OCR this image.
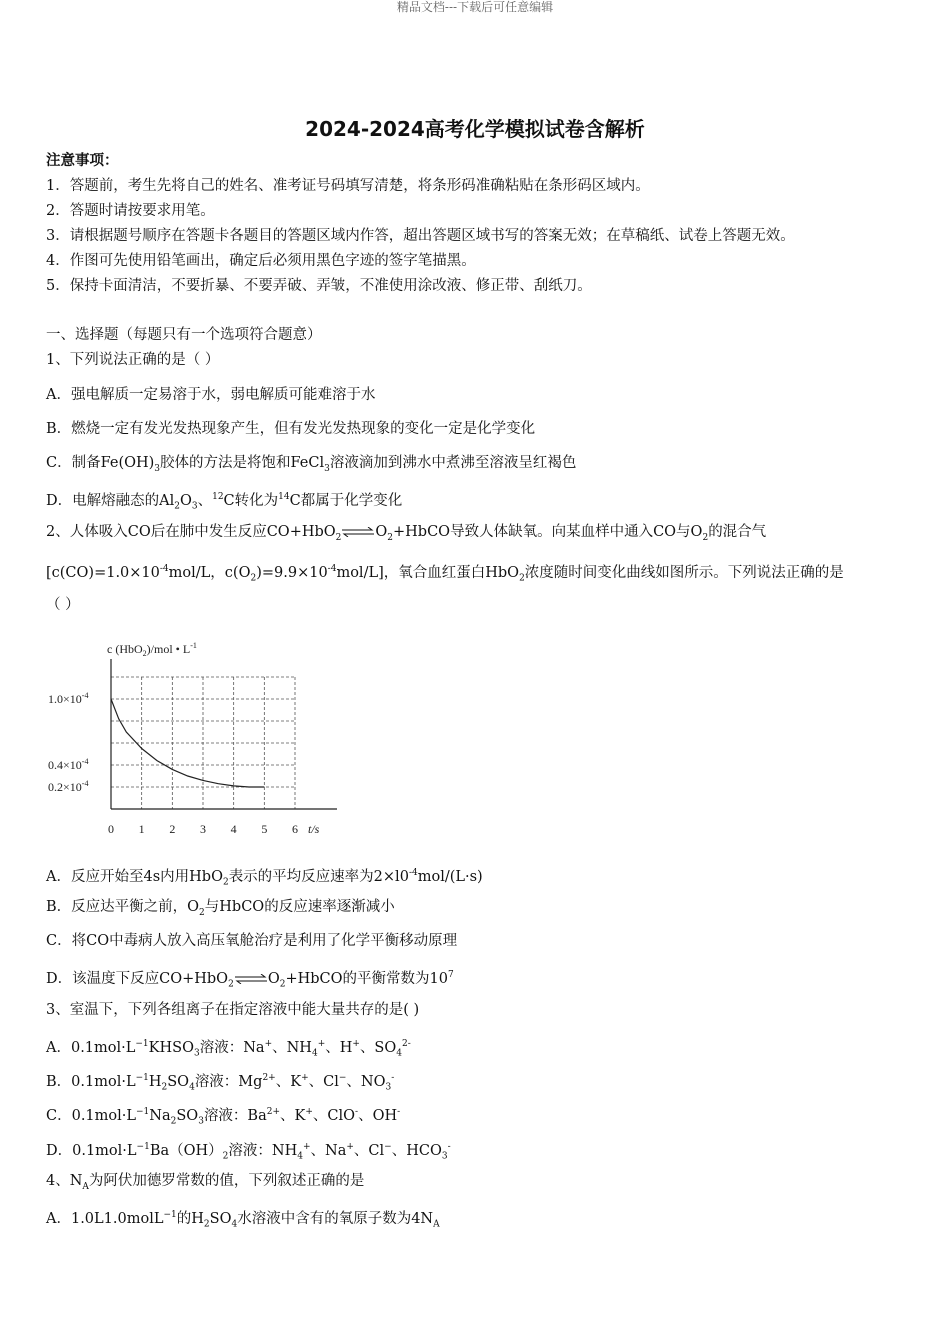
精品文档---下载后可任意编辑
2024-2024高考化学模拟试卷含解析
注意事项：
1．答题前，考生先将自己的姓名、准考证号码填写清楚，将条形码准确粘贴在条形码区域内。
2．答题时请按要求用笔。
3．请根据题号顺序在答题卡各题目的答题区域内作答，超出答题区域书写的答案无效；在草稿纸、试卷上答题无效。
4．作图可先使用铅笔画出，确定后必须用黑色字迹的签字笔描黑。
5．保持卡面清洁，不要折暴、不要弄破、弄皱，不准使用涂改液、修正带、刮纸刀。
一、选择题（每题只有一个选项符合题意）
1、下列说法正确的是（ ）
A．强电解质一定易溶于水，弱电解质可能难溶于水
B．燃烧一定有发光发热现象产生，但有发光发热现象的变化一定是化学变化
C．制备$Fe(OH)_3$胶体的方法是将饱和FeCl$_3$溶液滴加到沸水中煮沸至溶液呈红褐色
D．电解熔融态的$Al_2O_3$、$^{12}$C转化为$^{14}$C都属于化学变化
2、人体吸入CO后在肺中发生反应CO+HbO$_2$ $\rightleftharpoons O_2+HbCO$导致人体缺氧。向某血样中通入CO与$O_2$的混合气
[$c(CO)=1.0\times 10^{-4}mol/L$，$c(O_2)=9.9\times 10^{-4}mol/L$]，氧合血红蛋白HbO$_2$浓度随时间变化曲线如图所示。下列说法正确的是
（ ）
c (HbO$_2$)/mol • $L^{-1}$
$1.0\times 10^{-4}$
$0.4\times 10^{-4}$
$0.2\times 10^{-4}$
0 1 2 3 4 5 6 t/s
A．反应开始至4s内用HbO$_2$表示的平均反应速率为$2\times l0^{-4}mol/(L\cdot s)$
B．反应达平衡之前，$O_2$与HbCO的反应速率逐渐减小
C．将CO中毒病人放入高压氧舱治疗是利用了化学平衡移动原理
D．该温度下反应CO+HbO$_2$ $\rightleftharpoons O_2+HbCO$的平衡常数为$10^7$
3、室温下，下列各组离子在指定溶液中能大量共存的是( )
A．$0.1mol\cdot L^{-1}KHSO_3$溶液：Na+、$NH_4^+$、H+、$SO_4^{2-}$
B．$0.1mol\cdot L^{-1}H_2SO_4$溶液：$Mg^{2+}$、K+、Cl−、$NO_3^-$
C．$0.1mol\cdot L^{-1}Na_2SO_3$溶液：$Ba^{2+}$、K+、ClO-、OH-
D．$0.1mol\cdot L^{-1}Ba(OH)_2$溶液：$NH_4^+$、Na+、Cl−、$HCO_3^-$
4、$N_A$为阿伏加德罗常数的值，下列叙述正确的是
A．1.0L1.0molL$^{-1}$的$H_2SO_4$水溶液中含有的氧原子数为$4N_A$
